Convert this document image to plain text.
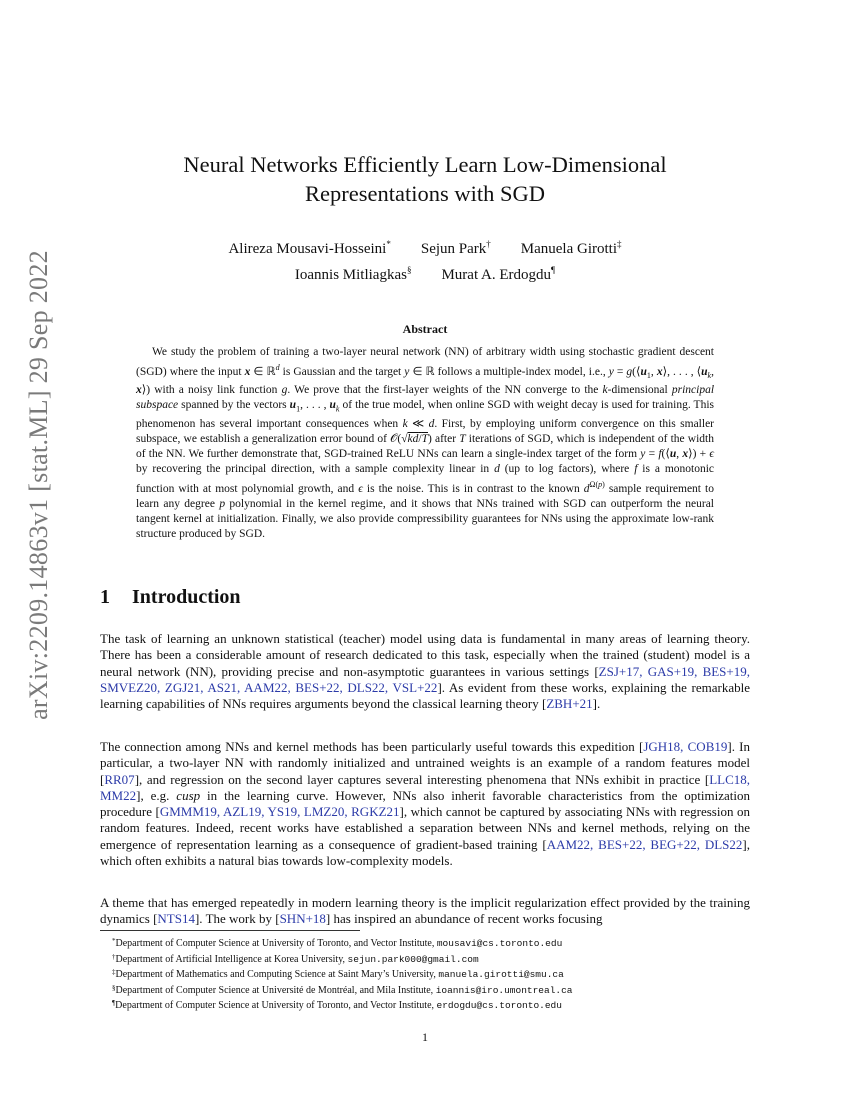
arXiv:2209.14863v1 [stat.ML] 29 Sep 2022
Neural Networks Efficiently Learn Low-Dimensional
Representations with SGD
Alireza Mousavi-Hosseini* Sejun Park† Manuela Girotti‡
Ioannis Mitliagkas§ Murat A. Erdogdu¶
Abstract

We study the problem of training a two-layer neural network (NN) of arbitrary width using stochastic gradient descent (SGD) where the input x ∈ ℝ$^d$ is Gaussian and the target y ∈ ℝ follows a multiple-index model, i.e., $y = g(⟨u_1$, x⟩, . . . , $⟨u_k$, x⟩) with a noisy link function g. We prove that the first-layer weights of the NN converge to the k-dimensional principal subspace spanned by the vectors $u_1$, . . . , $u_k$ of the true model, when online SGD with weight decay is used for training. This phenomenon has several important consequences when k ≪ d. First, by employing uniform convergence on this smaller subspace, we establish a generalization error bound of 𝒪(√kd/T) after T iterations of SGD, which is independent of the width of the NN. We further demonstrate that, SGD-trained ReLU NNs can learn a single-index target of the form y = f(⟨u, x⟩) + ϵ by recovering the principal direction, with a sample complexity linear in d (up to log factors), where f is a monotonic function with at most polynomial growth, and ϵ is the noise. This is in contrast to the known $d^{\Omega(p)}$ sample requirement to learn any degree p polynomial in the kernel regime, and it shows that NNs trained with SGD can outperform the neural tangent kernel at initialization. Finally, we also provide compressibility guarantees for NNs using the approximate low-rank structure produced by SGD.

1 Introduction

The task of learning an unknown statistical (teacher) model using data is fundamental in many areas of learning theory. There has been a considerable amount of research dedicated to this task, especially when the trained (student) model is a neural network (NN), providing precise and non-asymptotic guarantees in various settings [ZSJ+17, GAS+19, BES+19, SMVEZ20, ZGJ21, AS21, AAM22, BES+22, DLS22, VSL+22]. As evident from these works, explaining the remarkable learning capabilities of NNs requires arguments beyond the classical learning theory [ZBH+21].

The connection among NNs and kernel methods has been particularly useful towards this expedition [JGH18, COB19]. In particular, a two-layer NN with randomly initialized and untrained weights is an example of a random features model [RR07], and regression on the second layer captures several interesting phenomena that NNs exhibit in practice [LLC18, MM22], e.g. cusp in the learning curve. However, NNs also inherit favorable characteristics from the optimization procedure [GMMM19, AZL19, YS19, LMZ20, RGKZ21], which cannot be captured by associating NNs with regression on random features. Indeed, recent works have established a separation between NNs and kernel methods, relying on the emergence of representation learning as a consequence of gradient-based training [AAM22, BES+22, BEG+22, DLS22], which often exhibits a natural bias towards low-complexity models.

A theme that has emerged repeatedly in modern learning theory is the implicit regularization effect provided by the training dynamics [NTS14]. The work by [SHN+18] has inspired an abundance of recent works focusing

*Department of Computer Science at University of Toronto, and Vector Institute, mousavi@cs.toronto.edu
†Department of Artificial Intelligence at Korea University, sejun.park000@gmail.com
‡Department of Mathematics and Computing Science at Saint Mary’s University, manuela.girotti@smu.ca
§Department of Computer Science at Université de Montréal, and Mila Institute, ioannis@iro.umontreal.ca
¶Department of Computer Science at University of Toronto, and Vector Institute, erdogdu@cs.toronto.edu
1
